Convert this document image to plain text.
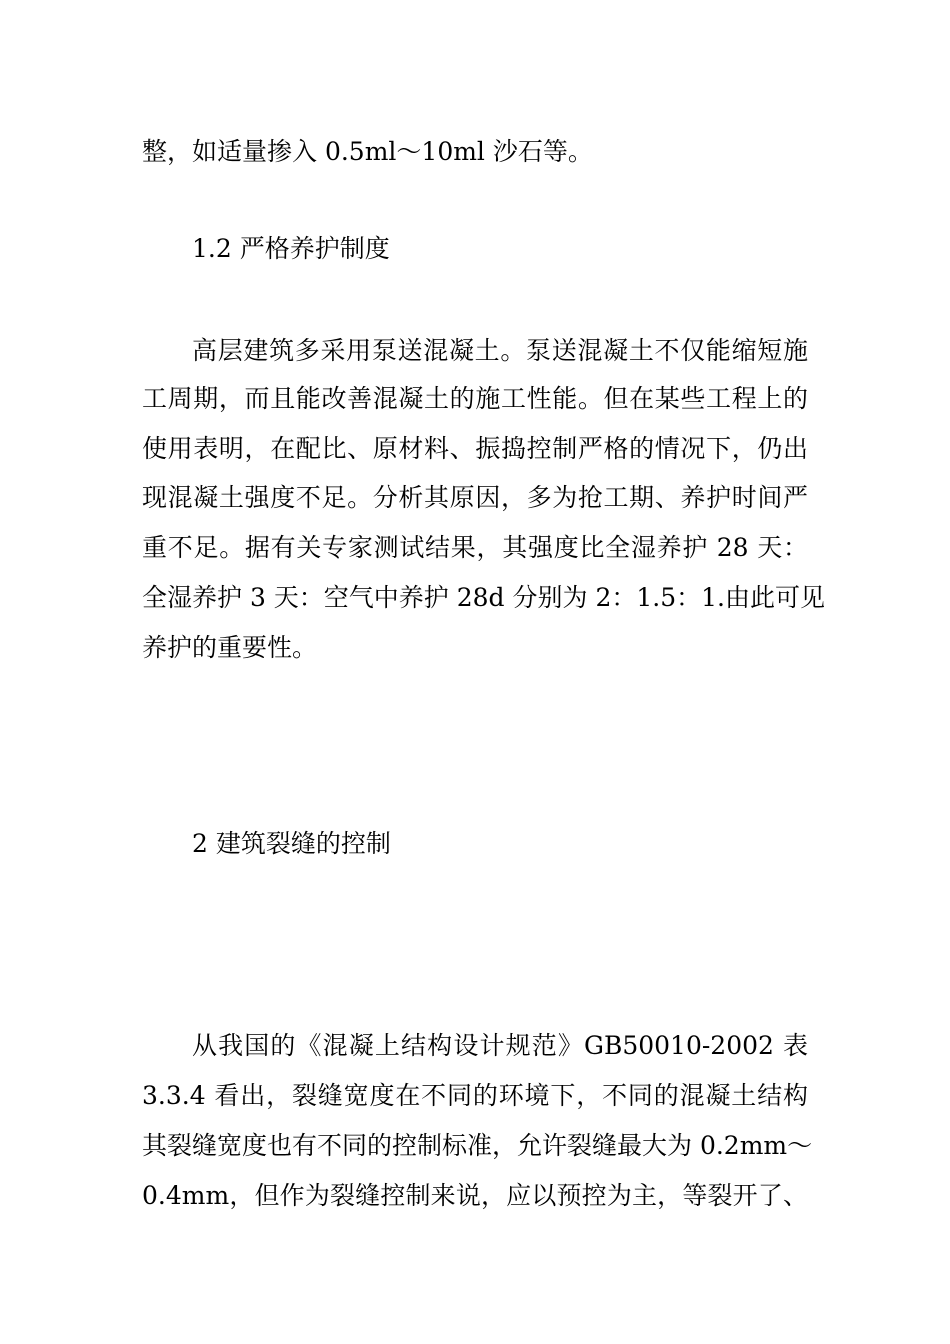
整，如适量掺入 0.5ml～10ml 沙石等。
1.2 严格养护制度
高层建筑多采用泵送混凝土。泵送混凝土不仅能缩短施
工周期，而且能改善混凝土的施工性能。但在某些工程上的
使用表明，在配比、原材料、振捣控制严格的情况下，仍出
现混凝土强度不足。分析其原因，多为抢工期、养护时间严
重不足。据有关专家测试结果，其强度比全湿养护 28 天：
全湿养护 3 天：空气中养护 28d 分别为 2：1.5：1.由此可见
养护的重要性。
2 建筑裂缝的控制
从我国的《混凝上结构设计规范》GB50010-2002 表
3.3.4 看出，裂缝宽度在不同的环境下，不同的混凝土结构
其裂缝宽度也有不同的控制标准，允许裂缝最大为 0.2mm～
0.4mm，但作为裂缝控制来说，应以预控为主，等裂开了、
